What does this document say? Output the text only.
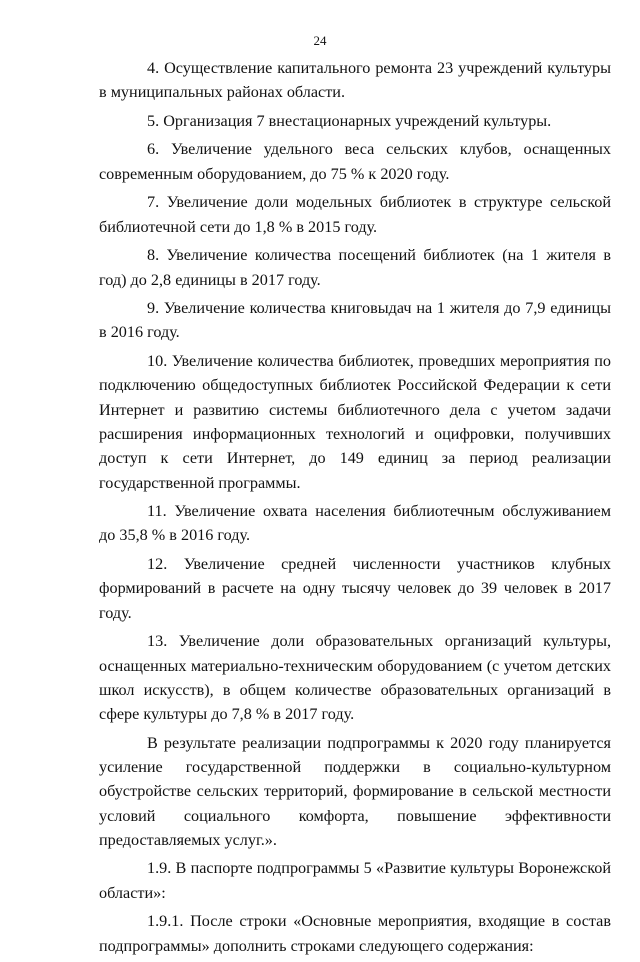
24

4. Осуществление капитального ремонта 23 учреждений культуры в муниципальных районах области.

5. Организация 7 внестационарных учреждений культуры.

6. Увеличение удельного веса сельских клубов, оснащенных современным оборудованием, до 75 % к 2020 году.

7. Увеличение доли модельных библиотек в структуре сельской библиотечной сети до 1,8 % в 2015 году.

8. Увеличение количества посещений библиотек (на 1 жителя в год) до 2,8 единицы в 2017 году.

9. Увеличение количества книговыдач на 1 жителя до 7,9 единицы в 2016 году.

10. Увеличение количества библиотек, проведших мероприятия по подключению общедоступных библиотек Российской Федерации к сети Интернет и развитию системы библиотечного дела с учетом задачи расширения информационных технологий и оцифровки, получивших доступ к сети Интернет, до 149 единиц за период реализации государственной программы.

11. Увеличение охвата населения библиотечным обслуживанием до 35,8 % в 2016 году.

12. Увеличение средней численности участников клубных формирований в расчете на одну тысячу человек до 39 человек в 2017 году.

13. Увеличение доли образовательных организаций культуры, оснащенных материально-техническим оборудованием (с учетом детских школ искусств), в общем количестве образовательных организаций в сфере культуры до 7,8 % в 2017 году.

В результате реализации подпрограммы к 2020 году планируется усиление государственной поддержки в социально-культурном обустройстве сельских территорий, формирование в сельской местности условий социального комфорта, повышение эффективности предоставляемых услуг.».

1.9. В паспорте подпрограммы 5 «Развитие культуры Воронежской области»:

1.9.1. После строки «Основные мероприятия, входящие в состав подпрограммы» дополнить строками следующего содержания:
